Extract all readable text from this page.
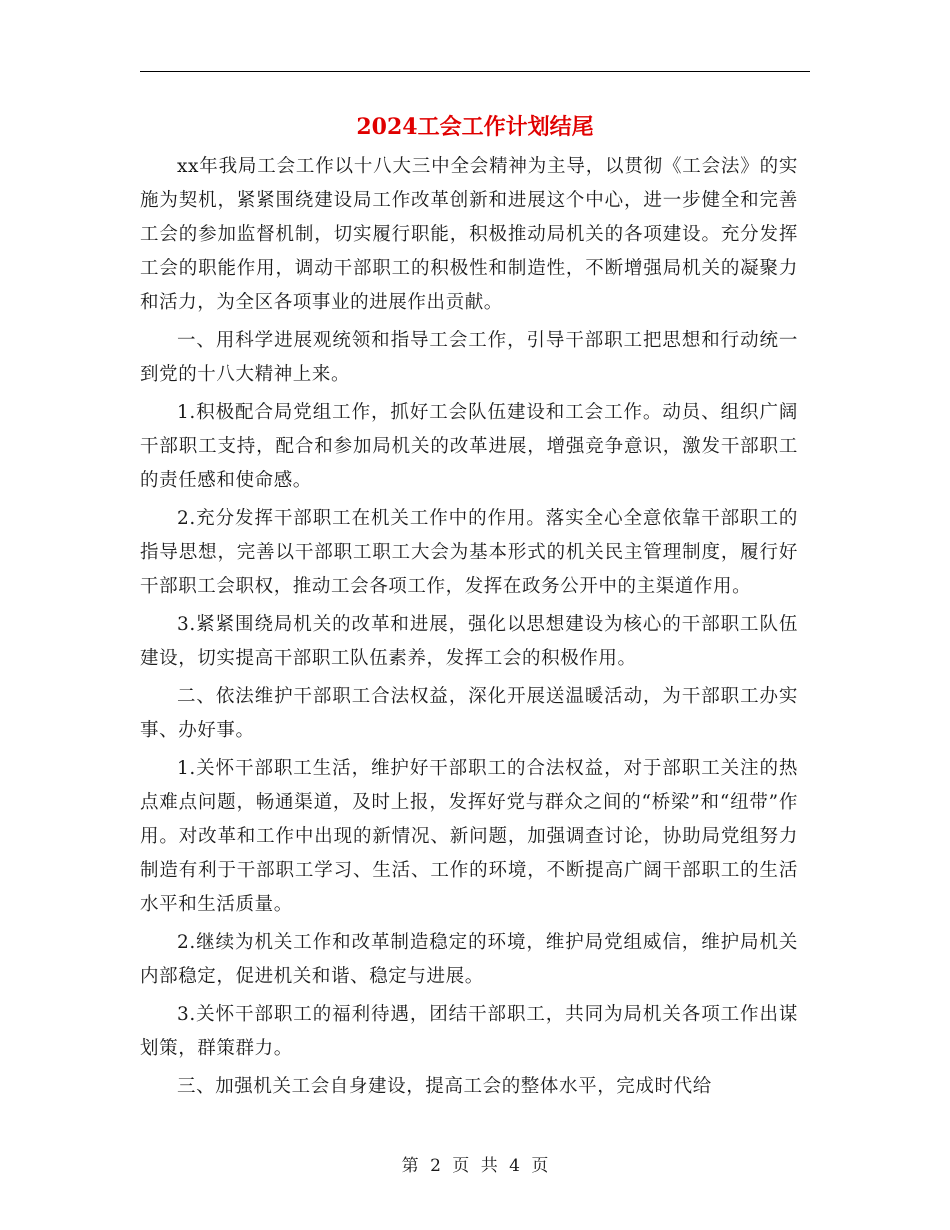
2024工会工作计划结尾

xx年我局工会工作以十八大三中全会精神为主导，以贯彻《工会法》的实施为契机，紧紧围绕建设局工作改革创新和进展这个中心，进一步健全和完善工会的参加监督机制，切实履行职能，积极推动局机关的各项建设。充分发挥工会的职能作用，调动干部职工的积极性和制造性，不断增强局机关的凝聚力和活力，为全区各项事业的进展作出贡献。

一、用科学进展观统领和指导工会工作，引导干部职工把思想和行动统一到党的十八大精神上来。

1.积极配合局党组工作，抓好工会队伍建设和工会工作。动员、组织广阔干部职工支持，配合和参加局机关的改革进展，增强竞争意识，激发干部职工的责任感和使命感。

2.充分发挥干部职工在机关工作中的作用。落实全心全意依靠干部职工的指导思想，完善以干部职工职工大会为基本形式的机关民主管理制度，履行好干部职工会职权，推动工会各项工作，发挥在政务公开中的主渠道作用。

3.紧紧围绕局机关的改革和进展，强化以思想建设为核心的干部职工队伍建设，切实提高干部职工队伍素养，发挥工会的积极作用。

二、依法维护干部职工合法权益，深化开展送温暖活动，为干部职工办实事、办好事。

1.关怀干部职工生活，维护好干部职工的合法权益，对于部职工关注的热点难点问题，畅通渠道，及时上报，发挥好党与群众之间的“桥梁”和“纽带”作用。对改革和工作中出现的新情况、新问题，加强调查讨论，协助局党组努力制造有利于干部职工学习、生活、工作的环境，不断提高广阔干部职工的生活水平和生活质量。

2.继续为机关工作和改革制造稳定的环境，维护局党组威信，维护局机关内部稳定，促进机关和谐、稳定与进展。

3.关怀干部职工的福利待遇，团结干部职工，共同为局机关各项工作出谋划策，群策群力。

三、加强机关工会自身建设，提高工会的整体水平，完成时代给

第 2 页 共 4 页
